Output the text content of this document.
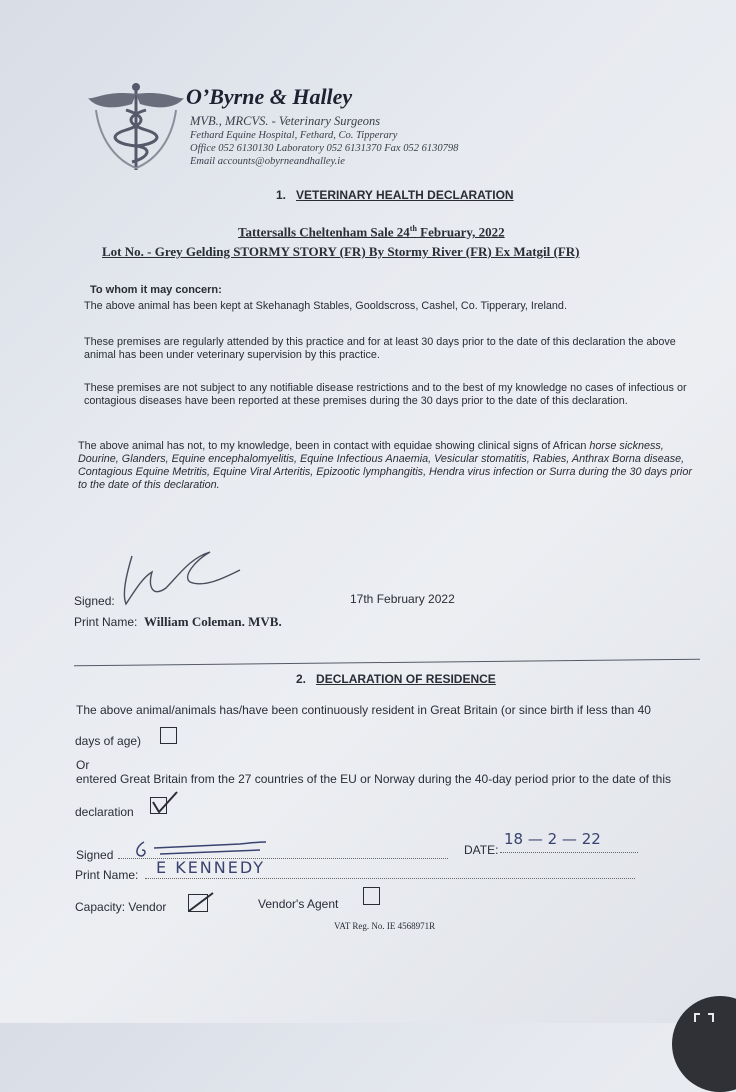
O’Byrne & Halley
MVB., MRCVS. - Veterinary Surgeons
Fethard Equine Hospital, Fethard, Co. Tipperary
Office 052 6130130 Laboratory 052 6131370 Fax 052 6130798
Email accounts@obyrneandhalley.ie
1. VETERINARY HEALTH DECLARATION
Tattersalls Cheltenham Sale 24th February, 2022
Lot No. - Grey Gelding STORMY STORY (FR) By Stormy River (FR) Ex Matgil (FR)
To whom it may concern:

The above animal has been kept at Skehanagh Stables, Gooldscross, Cashel, Co. Tipperary, Ireland.

These premises are regularly attended by this practice and for at least 30 days prior to the date of this declaration the above animal has been under veterinary supervision by this practice.

These premises are not subject to any notifiable disease restrictions and to the best of my knowledge no cases of infectious or contagious diseases have been reported at these premises during the 30 days prior to the date of this declaration.

The above animal has not, to my knowledge, been in contact with equidae showing clinical signs of African horse sickness, Dourine, Glanders, Equine encephalomyelitis, Equine Infectious Anaemia, Vesicular stomatitis, Rabies, Anthrax Borna disease, Contagious Equine Metritis, Equine Viral Arteritis, Epizootic lymphangitis, Hendra virus infection or Surra during the 30 days prior to the date of this declaration.

Signed:	17th February 2022
Print Name: William Coleman. MVB.
2. DECLARATION OF RESIDENCE

The above animal/animals has/have been continuously resident in Great Britain (or since birth if less than 40

days of age)
Or

entered Great Britain from the 27 countries of the EU or Norway during the 40-day period prior to the date of this

declaration
Signed	DATE:
18 — 2 — 22
Print Name: E KENNEDY
Capacity: Vendor	Vendor's Agent
VAT Reg. No. IE 4568971R
